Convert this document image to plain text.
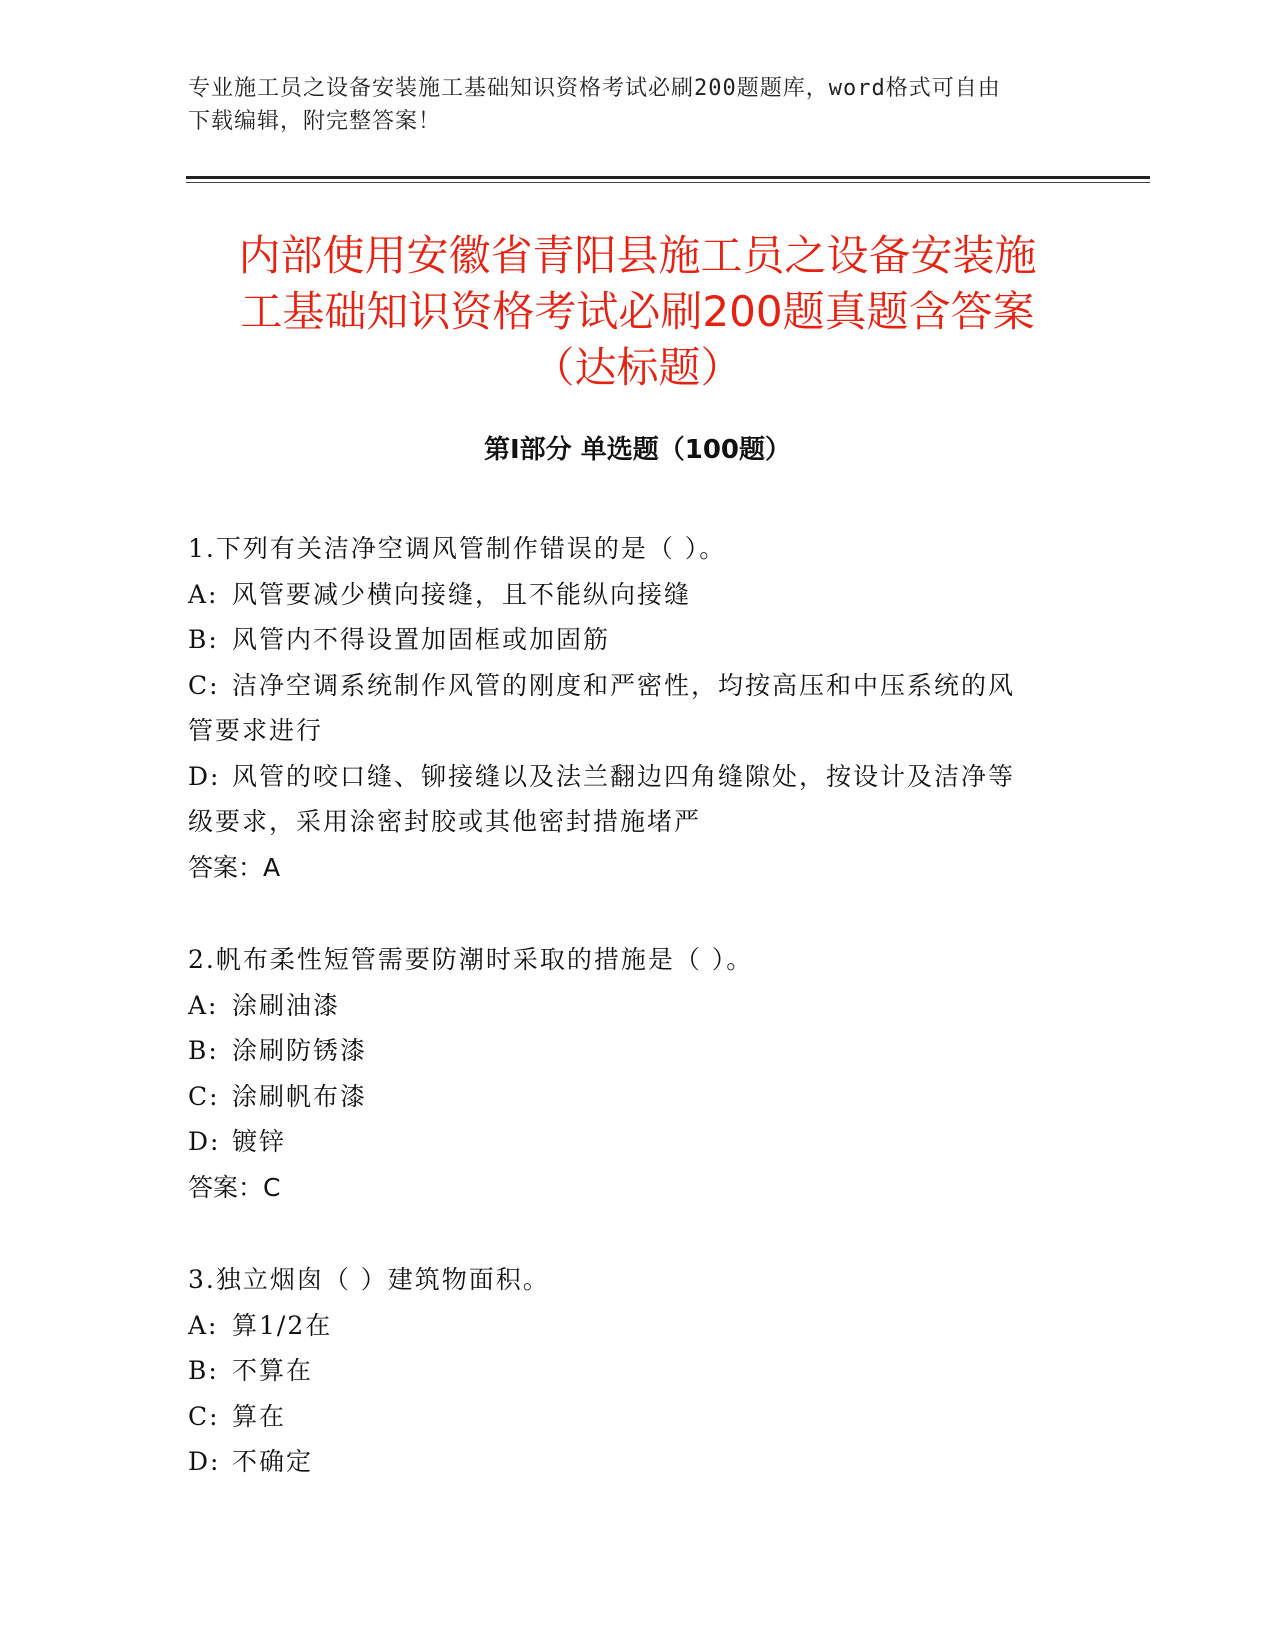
专业施工员之设备安装施工基础知识资格考试必刷200题题库，word格式可自由
下载编辑，附完整答案！
内部使用安徽省青阳县施工员之设备安装施
工基础知识资格考试必刷200题真题含答案
（达标题）
第Ⅰ部分 单选题（100题）
1.下列有关洁净空调风管制作错误的是（ ）。
A: 风管要减少横向接缝，且不能纵向接缝
B: 风管内不得设置加固框或加固筋
C: 洁净空调系统制作风管的刚度和严密性，均按高压和中压系统的风
管要求进行
D: 风管的咬口缝、铆接缝以及法兰翻边四角缝隙处，按设计及洁净等
级要求，采用涂密封胶或其他密封措施堵严
答案：A
2.帆布柔性短管需要防潮时采取的措施是（ ）。
A: 涂刷油漆
B: 涂刷防锈漆
C: 涂刷帆布漆
D: 镀锌
答案：C
3.独立烟囱（ ）建筑物面积。
A: 算1/2在
B: 不算在
C: 算在
D: 不确定
